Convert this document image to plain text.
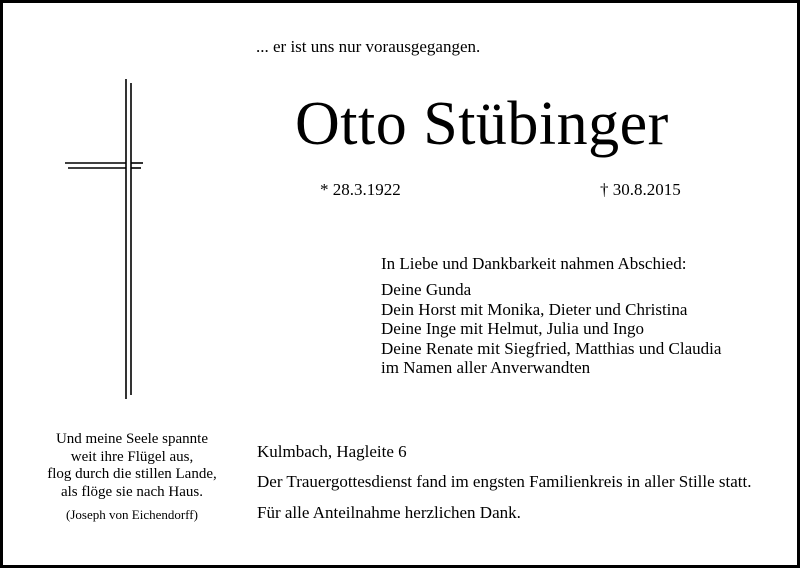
... er ist uns nur vorausgegangen.
Otto Stübinger
* 28.3.1922	† 30.8.2015
In Liebe und Dankbarkeit nahmen Abschied:
Deine Gunda
Dein Horst mit Monika, Dieter und Christina
Deine Inge mit Helmut, Julia und Ingo
Deine Renate mit Siegfried, Matthias und Claudia
im Namen aller Anverwandten
Und meine Seele spannte
weit ihre Flügel aus,
flog durch die stillen Lande,
als flöge sie nach Haus.
(Joseph von Eichendorff)
Kulmbach, Hagleite 6
Der Trauergottesdienst fand im engsten Familienkreis in aller Stille statt.
Für alle Anteilnahme herzlichen Dank.
